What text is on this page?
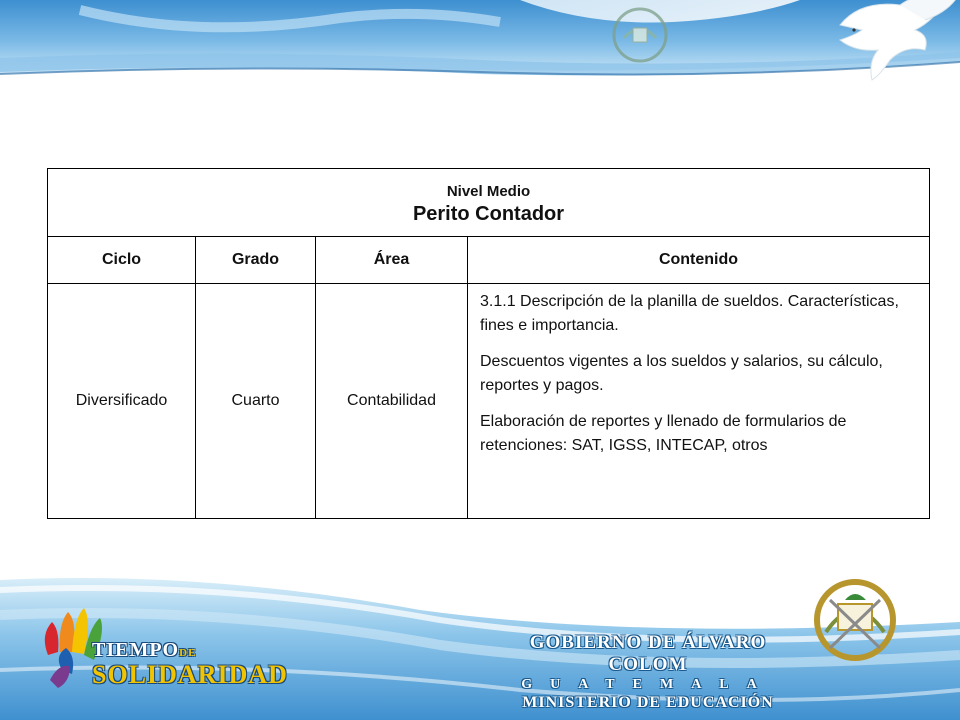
Nivel Medio
Perito Contador			

Ciclo	Grado	Área	Contenido
Diversificado	Cuarto	Contabilidad	3.1.1 Descripción de la planilla de sueldos. Características, fines e importancia.

Descuentos vigentes a los sueldos y salarios, su cálculo, reportes y pagos.

Elaboración de reportes y llenado de formularios de retenciones: SAT, IGSS, INTECAP, otros

TIEMPODE
SOLIDARIDAD
GOBIERNO DE ÁLVARO COLOM
GUATEMALA
MINISTERIO DE EDUCACIÓN
